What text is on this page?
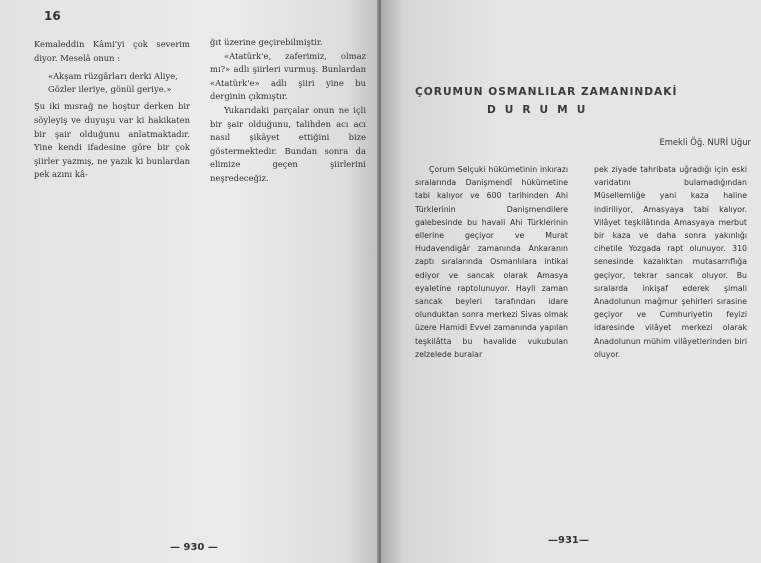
16

Kemaleddin Kâmi'yi çok severim diyor. Meselâ onun :

«Akşam rüzgârları derki Aliye,

Gözler ileriye, gönül geriye.»

Şu iki mısrağ ne hoştur derken bir söyleyiş ve duyuşu var ki hakikaten bir şair olduğunu anlatmaktadır. Yine kendi ifadesine göre bir çok şiirler yazmış, ne yazık ki bunlardan pek azını kâ-

ğıt üzerine geçirebilmiştir.

«Atatürk'e, zaferimiz, olmaz mı?» adlı şiirleri vurmuş. Bunlardan «Atatürk'e» adlı şiiri yine bu derginin çıkmıştır.

Yukarıdaki parçalar onun ne içli bir şair olduğunu, talihden acı acı nasıl şikâyet ettiğini bize göstermektedir. Bundan sonra da elimize geçen şiirlerini neşredeceğiz.

— 930 —
ÇORUMUN OSMANLILAR ZAMANINDAKİ
DURUMU
Emekli Öğ. NURİ Uğur

Çorum Selçuki hükümetinin inkırazı sıralarında Danişmendî hükümetine tabi kalıyor ve 600 tarihinden Ahi Türklerinin Danişmendilere galebesinde bu havali Ahi Türklerinin ellerine geçiyor ve Murat Hudavendigâr zamanında Ankaranın zaptı sıralarında Osmanlılara intikal ediyor ve sancak olarak Amasya eyaletine raptolunuyor. Hayli zaman sancak beyleri tarafından idare olunduktan sonra merkezi Sivas olmak üzere Hamidi Evvel zamanında yapılan teşkilâtta bu havalide vukubulan zelzelede buralar

pek ziyade tahribata uğradığı için eski varidatını bulamadığından Müsellemliğe yani kaza haline indiriliyor, Amasyaya tabi kalıyor. Vilâyet teşkilâtında Amasyaya merbut bir kaza ve daha sonra yakınlığı cihetile Yozgada rapt olunuyor. 310 senesinde kazalıktan mutasarrıflığa geçiyor, tekrar sancak oluyor. Bu sıralarda inkişaf ederek şimali Anadolunun mağmur şehirleri sırasine geçiyor ve Cumhuriyetin feyizi idaresinde vilâyet merkezi olarak Anadolunun mühim vilâyetlerinden biri oluyor.

—931—
